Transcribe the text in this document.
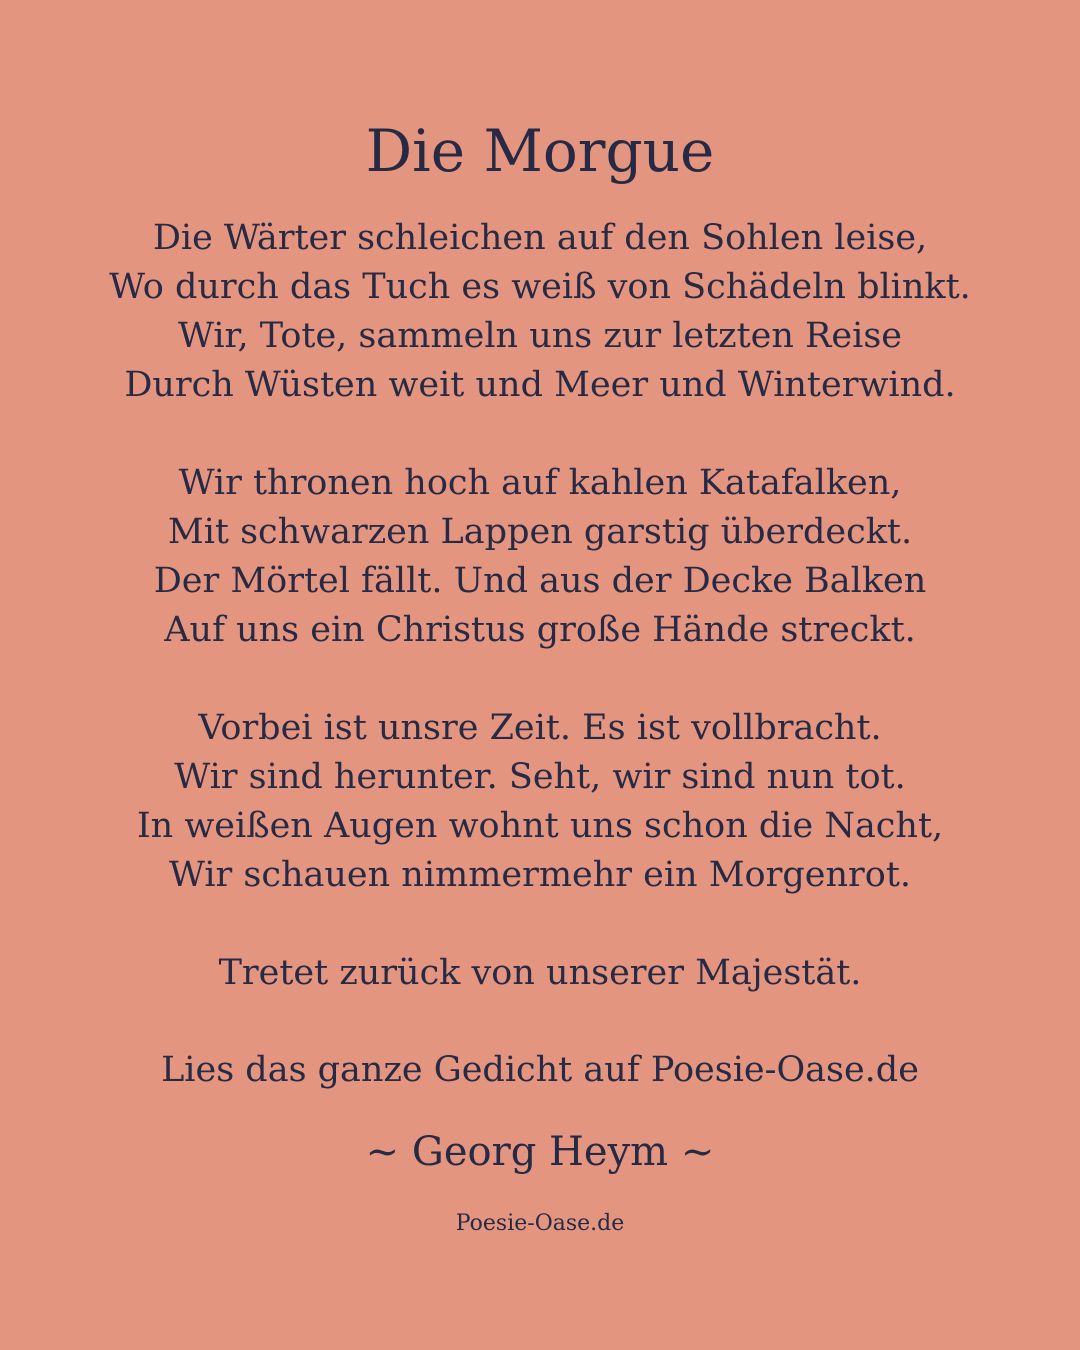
Die Morgue
Die Wärter schleichen auf den Sohlen leise,
Wo durch das Tuch es weiß von Schädeln blinkt.
Wir, Tote, sammeln uns zur letzten Reise
Durch Wüsten weit und Meer und Winterwind.
Wir thronen hoch auf kahlen Katafalken,
Mit schwarzen Lappen garstig überdeckt.
Der Mörtel fällt. Und aus der Decke Balken
Auf uns ein Christus große Hände streckt.
Vorbei ist unsre Zeit. Es ist vollbracht.
Wir sind herunter. Seht, wir sind nun tot.
In weißen Augen wohnt uns schon die Nacht,
Wir schauen nimmermehr ein Morgenrot.
Tretet zurück von unserer Majestät.
Lies das ganze Gedicht auf Poesie-Oase.de
~ Georg Heym ~
Poesie-Oase.de
